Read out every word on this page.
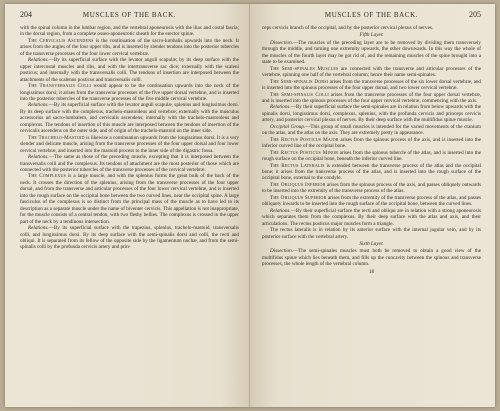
204	MUSCLES OF THE BACK.

with the spinal column in the lumbar region, and the vertebral aponeurosis with the iliac and costal fascia; in the dorsal region, from a complete osseo-aponeurotic sheath for the erector spinæ.

The Cervicalis Ascendens is the continuation of the sacro-lumbalis upwards into the neck. It arises from the angles of the four upper ribs, and is inserted by slender tendons into the posterior tubercles of the transverse processes of the four lower cervical vertebræ.

Relations.—By its superficial surface with the levator anguli scapulæ; by its deep surface with the upper intercostal muscles and ribs, and with the intertransverse sac dice; externally with the scaleni posticus; and internally with the transversalis colli. The tendons of insertion are interposed between the attachments of the scalenus posticus and transversalis colli.

The Transversalis Colli would appear to be the continuation upwards into the neck of the longissimus dorsi; it arises from the transverse processes of the five upper dorsal vertebræ, and is inserted into the posterior tubercles of the transverse processes of the five middle cervical vertebræ.

Relations.—By its superficial surface with the levator anguli scapulæ, splenius and longissimus dorsi. By its deep surface with the complexus, trachelo-mastoideus and vertebræ; externally with the musculus accessorius ad sacro-lumbalem, and cervicalis ascendens; internally with the trachelo-mastoideus and complexus. The tendons of insertion of this muscle are interposed between the tendons of insertion of the cervicalis ascendens on the outer side, and of origin of the trachelo-mastoid on the inner side.

The Trachelo-Mastoid is likewise a continuation upwards from the longissimus dorsi. It is a very slender and delicate muscle, arising from the transverse processes of the four upper dorsal and four lower cervical vertebræ, and inserted into the mastoid process to the inner side of the digastric fossa.

Relations.—The same as those of the preceding muscle, excepting that it is interposed between the transversalis colli and the complexus. Its tendons of attachment are the most posterior of those which are connected with the posterior tubercles of the transverse processes of the cervical vertebræ.

The Complexus is a large muscle, and with the splenius forms the great bulk of the back of the neck. It crosses the direction of the splenius, arising from the transverse processes of the four upper dorsal, and from the transverse and articular processes of the four lower cervical vertebræ, and is inserted into the rough surface on the occipital bone between the two curved lines, near the occipital spine. A large fasciculus of the complexus is so distinct from the principal mass of the muscle as to have led to its description as a separate muscle under the name of biventer cervicis. This appellation is not inappropriate, for the muscle consists of a central tendon, with two fleshy bellies. The complexus is crossed in the upper part of the neck by a tendinous intersection.

Relations.—By its superficial surface with the trapezius, splenius, trachelo-mastoid, transversalis colli, and longissimus dorsi. By its deep surface with the semi-spinalis dorsi and colli, the recti and obliqui. It is separated from its fellow of the opposite side by the ligamentum nuchæ, and from the semi-spinalis colli by the profunda cervicis artery and prin-

MUSCLES OF THE BACK.	205

ceps cervicis branch of the occipital, and by the posterior cervical plexus of nerves.

Fifth Layer.

Dissection.—The muscles of the preceding layer are to be removed by dividing them transversely through the middle, and turning one extremity upwards, the other downwards. In this way the whole of the muscles of the fourth layer may be got rid of, and the remaining muscles of the spine brought into a state to be examined.

The Semi-spinales Muscles are connected with the transverse and articular processes of the vertebræ, spinning one half of the vertebral column; hence their name semi-spinales.

The Semi-spinalis Dorsi arises from the transverse processes of the six lower dorsal vertebræ, and is inserted into the spinous processes of the four upper dorsal, and two lower cervical vertebræ.

The Semi-spinalis Colli arises from the transverse processes of the four upper dorsal vertebræ, and is inserted into the spinous processes of the four upper cervical vertebræ, commencing with the axis.

Relations.—By their superficial surface the semi-spinales are in relation from below upwards with the spinalis dorsi, longissimus dorsi, complexus, splenius, with the profunda cervicis and princeps cervicis artery, and posterior cervical plexus of nerves. By their deep surface with the multifidus spinæ muscle.

Occipital Group.—This group of small muscles is intended for the varied movements of the cranium on the atlas, and the atlas on the axis. They are extremely pretty in appearance.

The Rectus Posticus Major arises from the spinous process of the axis, and is inserted into the inferior curved line of the occipital bone.

The Rectus Posticus Minor arises from the spinous tubercle of the atlas, and is inserted into the rough surface on the occipital bone, beneath the inferior curved line.

The Rectus Lateralis is extended between the transverse process of the atlas and the occipital bone; it arises from the transverse process of the atlas, and is inserted into the rough surface of the occipital bone, external to the condyle.

The Obliquus Inferior arises from the spinous process of the axis, and passes obliquely outwards to be inserted into the extremity of the transverse process of the atlas.

The Obliquus Superior arises from the extremity of the transverse process of the atlas, and passes obliquely inwards to be inserted into the rough surface of the occipital bone, between the curved lines.

Relations.—By their superficial surface the recti and obliqui are in relation with a strong aponeurosis which separates them from the complexus. By their deep surface with the atlas and axis, and their articulations. The rectus posticus major muscles form a triangle.

The rectus lateralis is in relation by its anterior surface with the internal jugular vein, and by its posterior surface with the vertebral artery.

Sixth Layer.

Dissection.—The semi-spinales muscles must both be removed to obtain a good view of the multifidus spinæ which lies beneath them, and fills up the concavity between the spinous and transverse processes, the whole length of the vertebral column.

18
